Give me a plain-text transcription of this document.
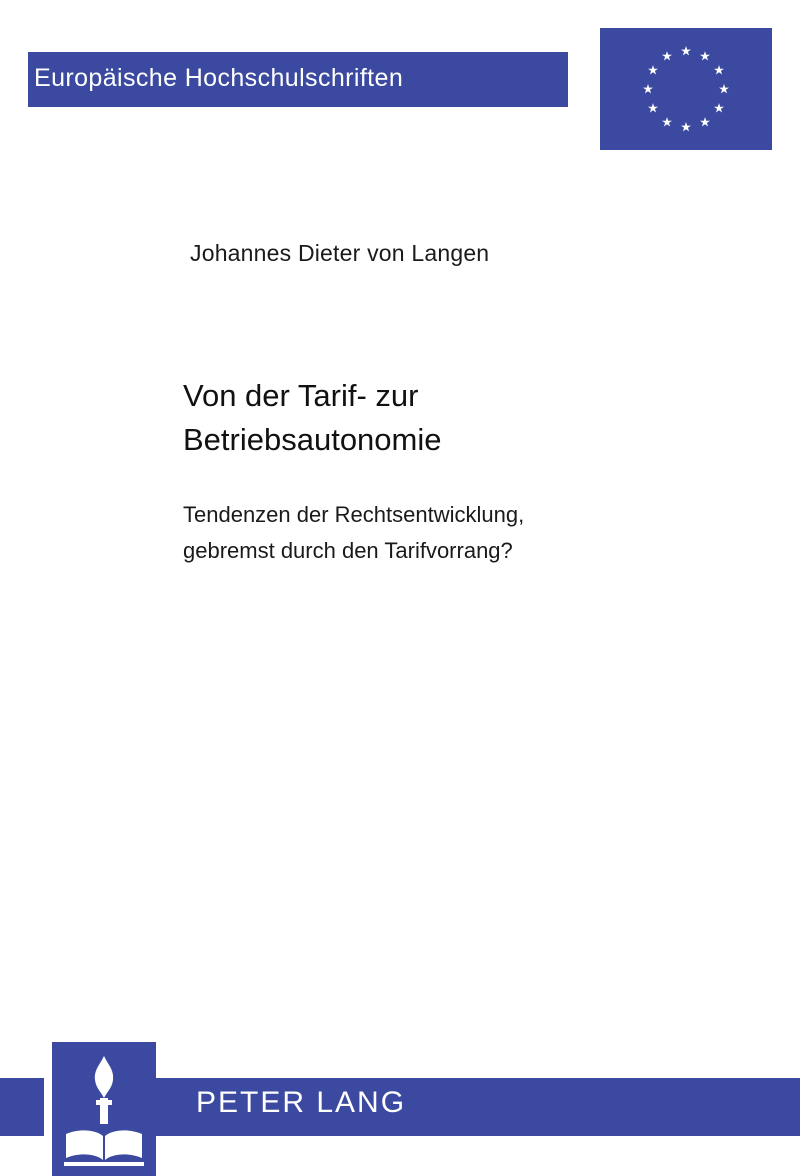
Europäische Hochschulschriften
Johannes Dieter von Langen
Von der Tarif- zur
Betriebsautonomie
Tendenzen der Rechtsentwicklung,
gebremst durch den Tarifvorrang?
PETER LANG
